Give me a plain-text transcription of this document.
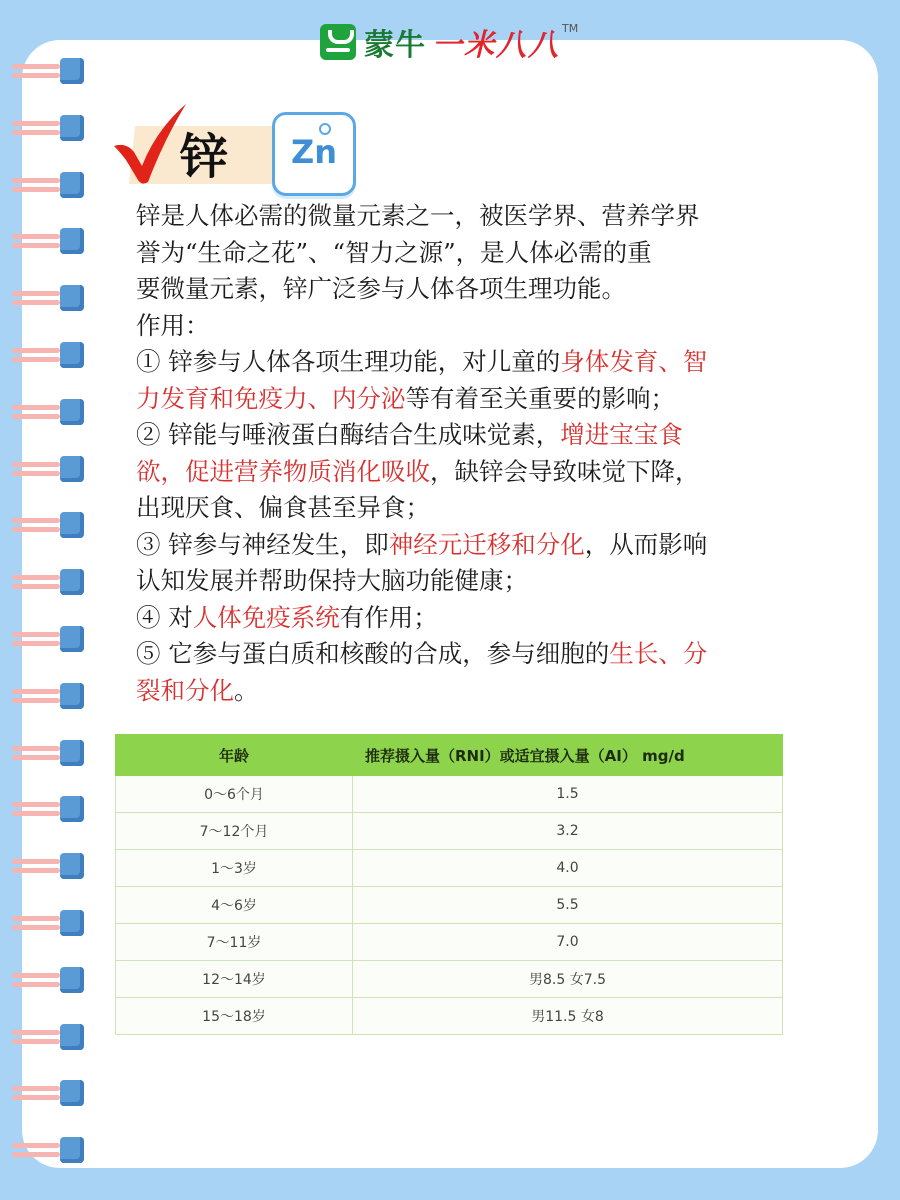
蒙牛 一米八八 TM
锌	Zn

锌是人体必需的微量元素之一，被医学界、营养学界

誉为“生命之花”、“智力之源”，是人体必需的重

要微量元素，锌广泛参与人体各项生理功能。

作用：

① 锌参与人体各项生理功能，对儿童的身体发育、智

力发育和免疫力、内分泌等有着至关重要的影响；

② 锌能与唾液蛋白酶结合生成味觉素，增进宝宝食

欲，促进营养物质消化吸收，缺锌会导致味觉下降，

出现厌食、偏食甚至异食；

③ 锌参与神经发生，即神经元迁移和分化，从而影响

认知发展并帮助保持大脑功能健康；

④ 对人体免疫系统有作用；

⑤ 它参与蛋白质和核酸的合成，参与细胞的生长、分

裂和分化。

年龄	推荐摄入量（RNI）或适宜摄入量（AI） mg/d
0～6个月	1.5
7～12个月	3.2
1～3岁	4.0
4～6岁	5.5
7～11岁	7.0
12～14岁	男8.5 女7.5
15～18岁	男11.5 女8
